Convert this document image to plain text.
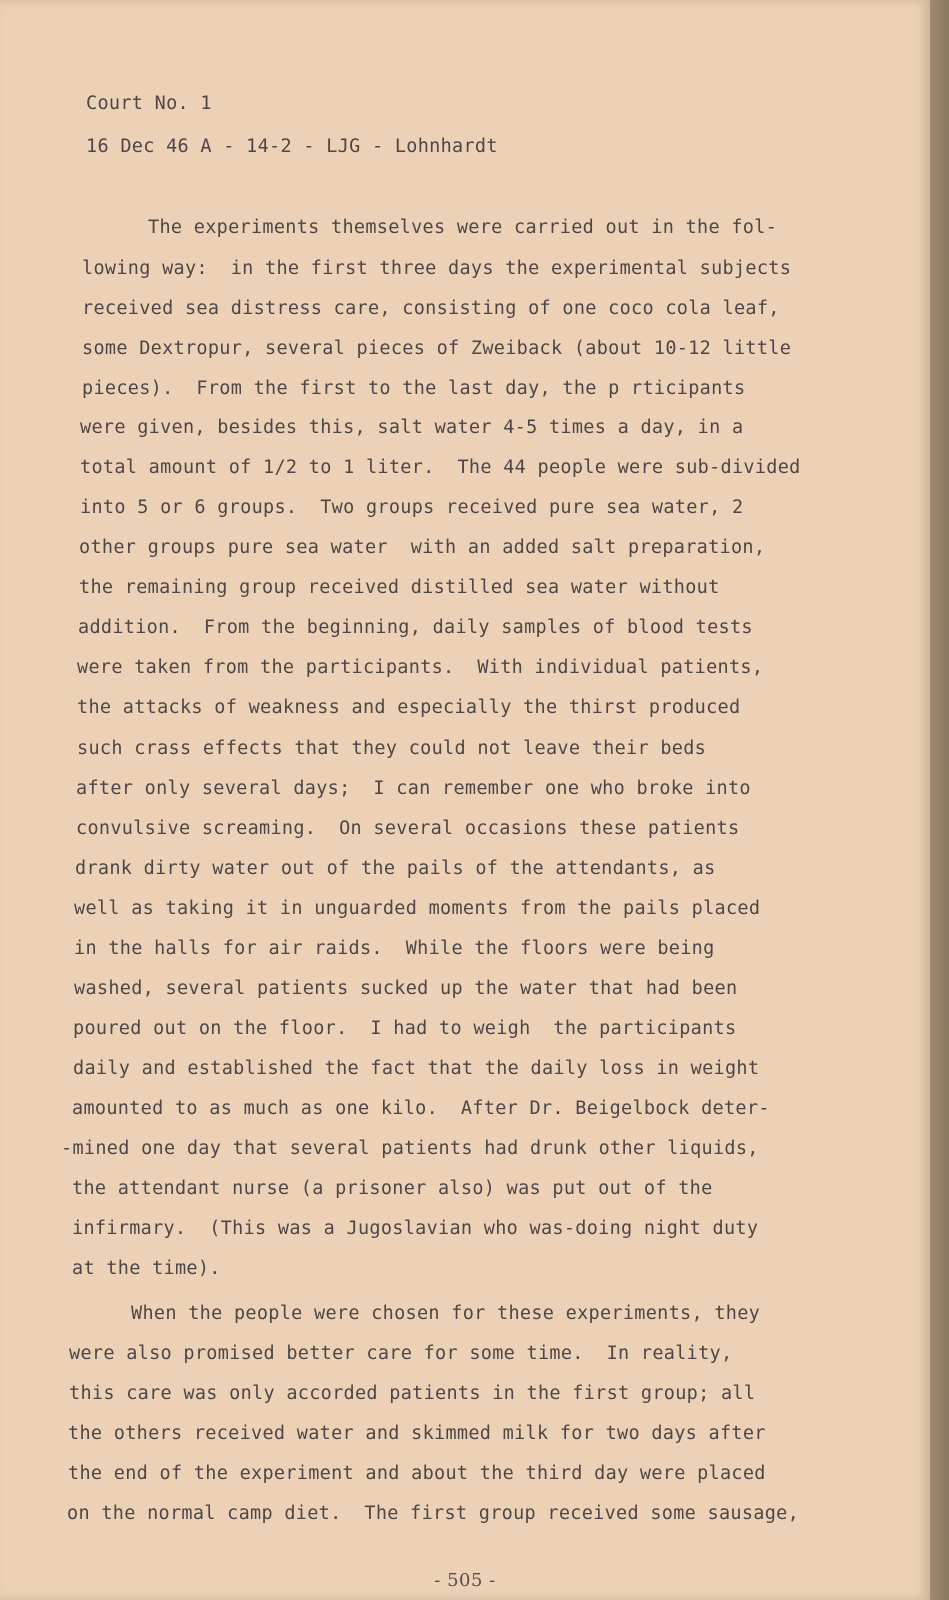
Court No. 1
16 Dec 46 A - 14-2 - LJG - Lohnhardt
The experiments themselves were carried out in the fol-
lowing way:  in the first three days the experimental subjects
received sea distress care, consisting of one coco cola leaf,
some Dextropur, several pieces of Zweiback (about 10-12 little
pieces).  From the first to the last day, the p rticipants
were given, besides this, salt water 4-5 times a day, in a
total amount of 1/2 to 1 liter.  The 44 people were sub-divided
into 5 or 6 groups.  Two groups received pure sea water, 2
other groups pure sea water  with an added salt preparation,
the remaining group received distilled sea water without
addition.  From the beginning, daily samples of blood tests
were taken from the participants.  With individual patients,
the attacks of weakness and especially the thirst produced
such crass effects that they could not leave their beds
after only several days;  I can remember one who broke into
convulsive screaming.  On several occasions these patients
drank dirty water out of the pails of the attendants, as
well as taking it in unguarded moments from the pails placed
in the halls for air raids.  While the floors were being
washed, several patients sucked up the water that had been
poured out on the floor.  I had to weigh  the participants
daily and established the fact that the daily loss in weight
amounted to as much as one kilo.  After Dr. Beigelbock deter-
-mined one day that several patients had drunk other liquids,
the attendant nurse (a prisoner also) was put out of the
infirmary.  (This was a Jugoslavian who was-doing night duty
at the time).
When the people were chosen for these experiments, they
were also promised better care for some time.  In reality,
this care was only accorded patients in the first group; all
the others received water and skimmed milk for two days after
the end of the experiment and about the third day were placed
on the normal camp diet.  The first group received some sausage,
- 505 -
